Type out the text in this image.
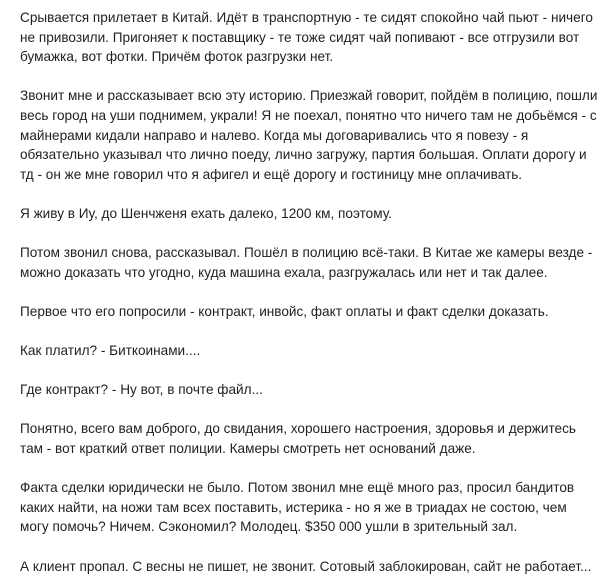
Срывается прилетает в Китай. Идёт в транспортную - те сидят спокойно чай пьют - ничего
не привозили. Пригоняет к поставщику - те тоже сидят чай попивают - все отгрузили вот
бумажка, вот фотки. Причём фоток разгрузки нет.

Звонит мне и рассказывает всю эту историю. Приезжай говорит, пойдём в полицию, пошли
весь город на уши поднимем, украли! Я не поехал, понятно что ничего там не добьёмся - с
майнерами кидали направо и налево. Когда мы договаривались что я повезу - я
обязательно указывал что лично поеду, лично загружу, партия большая. Оплати дорогу и
тд - он же мне говорил что я афигел и ещё дорогу и гостиницу мне оплачивать.

Я живу в Иу, до Шенчженя ехать далеко, 1200 км, поэтому.

Потом звонил снова, рассказывал. Пошёл в полицию всё-таки. В Китае же камеры везде -
можно доказать что угодно, куда машина ехала, разгружалась или нет и так далее.

Первое что его попросили - контракт, инвойс, факт оплаты и факт сделки доказать.

Как платил? - Биткоинами....

Где контракт? - Ну вот, в почте файл...

Понятно, всего вам доброго, до свидания, хорошего настроения, здоровья и держитесь
там - вот краткий ответ полиции. Камеры смотреть нет оснований даже.

Факта сделки юридически не было. Потом звонил мне ещё много раз, просил бандитов
каких найти, на ножи там всех поставить, истерика - но я же в триадах не состою, чем
могу помочь? Ничем. Сэкономил? Молодец. $350 000 ушли в зрительный зал.

А клиент пропал. С весны не пишет, не звонит. Сотовый заблокирован, сайт не работает...
